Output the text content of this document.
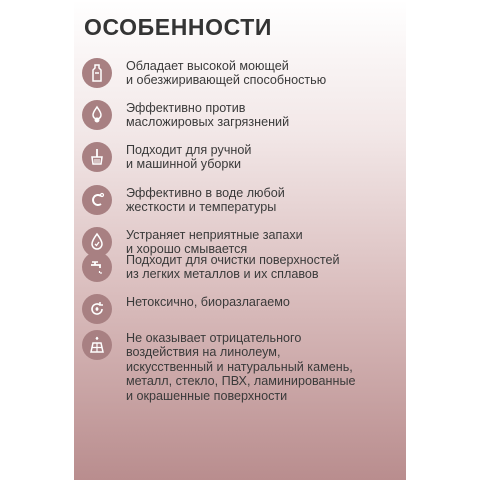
ОСОБЕННОСТИ
Обладает высокой моющей
и обезжиривающей способностью
Эффективно против
масложировых загрязнений
Подходит для ручной
и машинной уборки
Эффективно в воде любой
жесткости и температуры
Устраняет неприятные запахи
и хорошо смывается
Подходит для очистки поверхностей
из легких металлов и их сплавов
Нетоксично, биоразлагаемо
Не оказывает отрицательного
воздействия на линолеум,
искусственный и натуральный камень,
металл, стекло, ПВХ, ламинированные
и окрашенные поверхности
